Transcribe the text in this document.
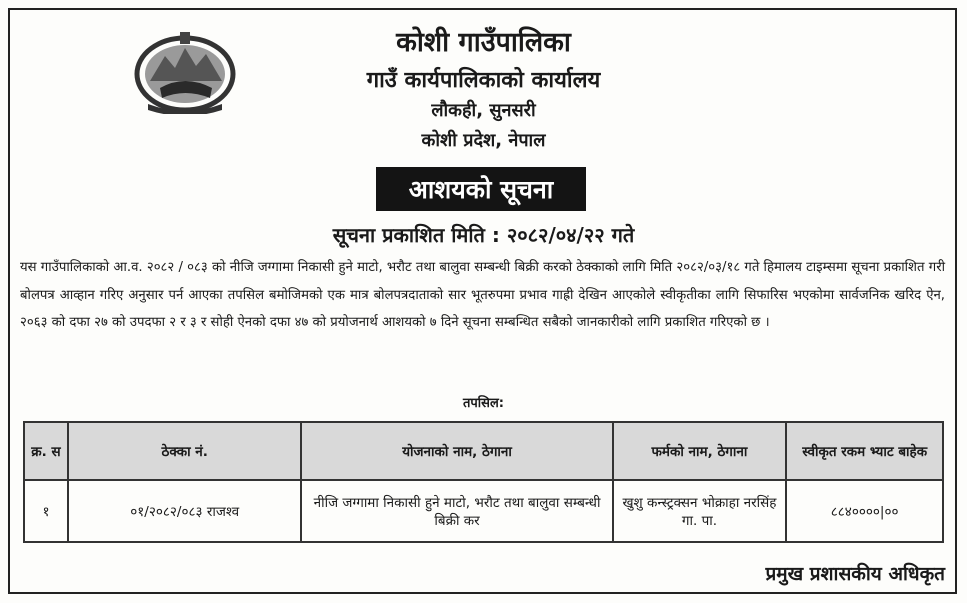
कोशी गाउँपालिका
गाउँ कार्यपालिकाको कार्यालय
लौकही, सुनसरी
कोशी प्रदेश, नेपाल
आशयको सूचना
सूचना प्रकाशित मिति : २०८२/०४/२२ गते
यस गाउँपालिकाको आ.व. २०८२ / ०८३ को नीजि जग्गामा निकासी हुने माटो, भरौट तथा बालुवा सम्बन्धी बिक्री करको ठेक्काको लागि मिति २०८२/०३/१८ गते हिमालय टाइम्समा सूचना प्रकाशित गरी बोलपत्र आव्हान गरिए अनुसार पर्न आएका तपसिल बमोजिमको एक मात्र बोलपत्रदाताको सार भूतरुपमा प्रभाव गाह्री देखिन आएकोले स्वीकृतीका लागि सिफारिस भएकोमा सार्वजनिक खरिद ऐन, २०६३ को दफा २७ को उपदफा २ र ३ र सोही ऐनको दफा ४७ को प्रयोजनार्थ आशयको ७ दिने सूचना सम्बन्धित सबैको जानकारीको लागि प्रकाशित गरिएको छ ।
तपसिल:
क्र. स	ठेक्का नं.	योजनाको नाम, ठेगाना	फर्मको नाम, ठेगाना	स्वीकृत रकम भ्याट बाहेक
१	०१/२०८२/०८३ राजश्व	नीजि जग्गामा निकासी हुने माटो, भरौट तथा बालुवा सम्बन्धी बिक्री कर	खुशु कन्स्ट्रक्सन भोक्राहा नरसिंह गा. पा.	८८४००००|००
प्रमुख प्रशासकीय अधिकृत
